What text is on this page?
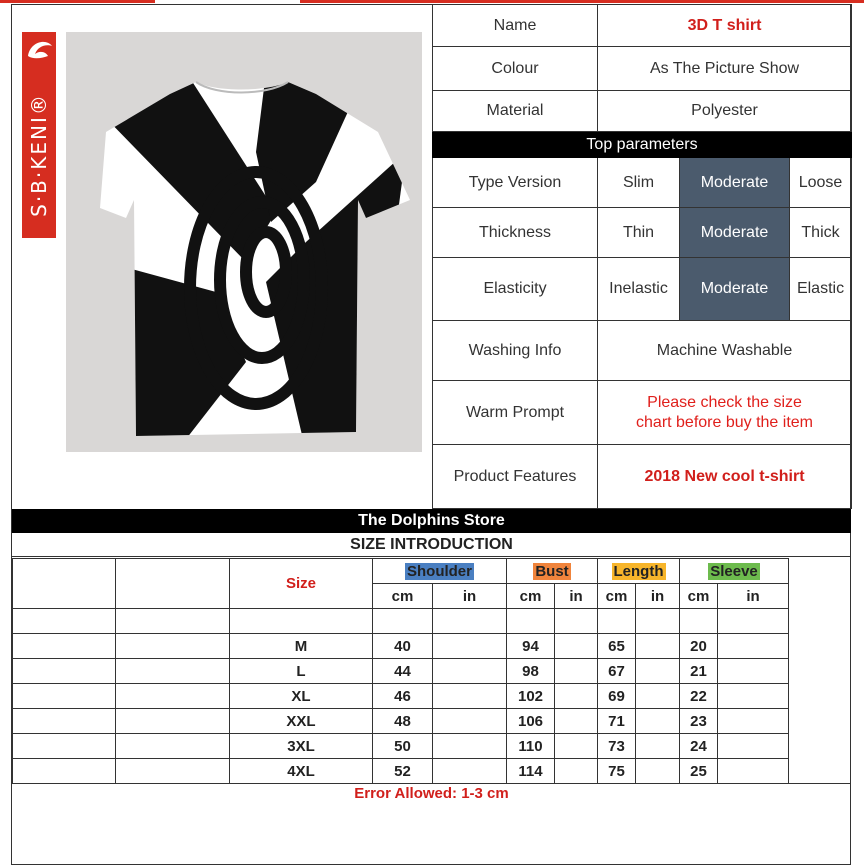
S·B·KENI®
Name	3D T shirt		
Colour	As The Picture Show		
Material	Polyester		
Top parameters			
Type Version	Slim	Moderate	Loose
Thickness	Thin	Moderate	Thick
Elasticity	Inelastic	Moderate	Elastic
Washing Info	Machine Washable		
Warm Prompt	Please check the size
chart before buy the item		

Product Features	2018 New cool t-shirt		
The Dolphins Store
SIZE INTRODUCTION
		Size	Shoulder		Bust		Length		Sleeve	
			cm	in	cm	in	cm	in	cm	in

		M	40		94		65		20	
		L	44		98		67		21	
		XL	46		102		69		22	
		XXL	48		106		71		23	
		3XL	50		110		73		24	
		4XL	52		114		75		25	
Error Allowed: 1-3 cm
